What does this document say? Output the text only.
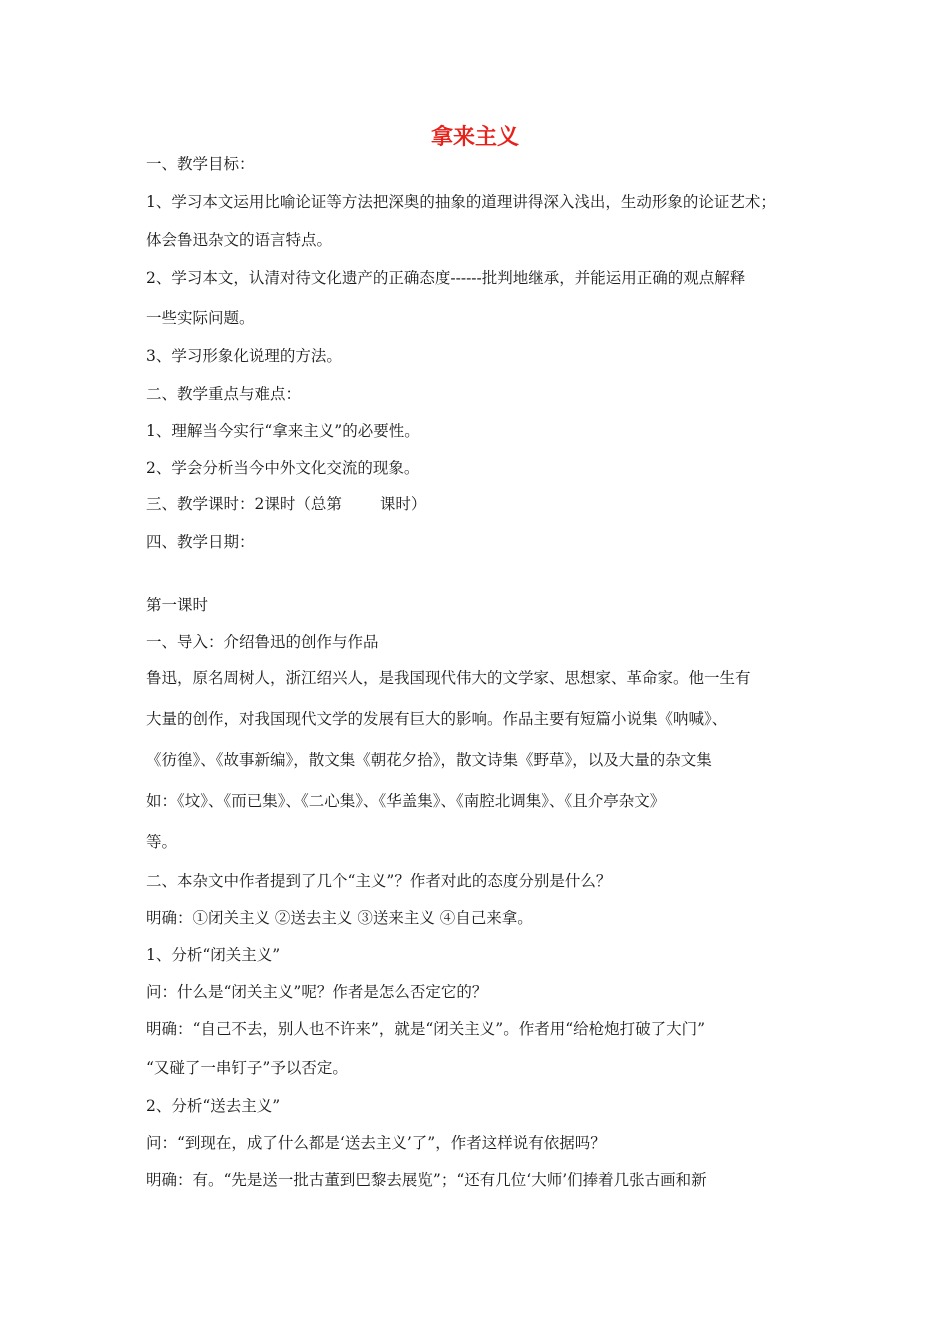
拿来主义
一、教学目标：
1、学习本文运用比喻论证等方法把深奥的抽象的道理讲得深入浅出，生动形象的论证艺术；
体会鲁迅杂文的语言特点。
2、学习本文，认清对待文化遗产的正确态度------批判地继承，并能运用正确的观点解释
一些实际问题。
3、学习形象化说理的方法。
二、教学重点与难点：
1、理解当今实行“拿来主义”的必要性。
2、学会分析当今中外文化交流的现象。
三、教学课时：2课时（总第 课时）
四、教学日期：
第一课时
一、导入：介绍鲁迅的创作与作品
鲁迅，原名周树人，浙江绍兴人，是我国现代伟大的文学家、思想家、革命家。他一生有
大量的创作，对我国现代文学的发展有巨大的影响。作品主要有短篇小说集《呐喊》、
《彷徨》、《故事新编》，散文集《朝花夕拾》，散文诗集《野草》，以及大量的杂文集
如：《坟》、《而已集》、《二心集》、《华盖集》、《南腔北调集》、《且介亭杂文》
等。
二、本杂文中作者提到了几个“主义”？作者对此的态度分别是什么？
明确：①闭关主义 ②送去主义 ③送来主义 ④自己来拿。
1、分析“闭关主义”
问：什么是“闭关主义”呢？作者是怎么否定它的？
明确：“自己不去，别人也不许来”，就是“闭关主义”。作者用“给枪炮打破了大门”
“又碰了一串钉子”予以否定。
2、分析“送去主义”
问：“到现在，成了什么都是‘送去主义’了”，作者这样说有依据吗？
明确：有。“先是送一批古董到巴黎去展览”；“还有几位‘大师’们捧着几张古画和新
